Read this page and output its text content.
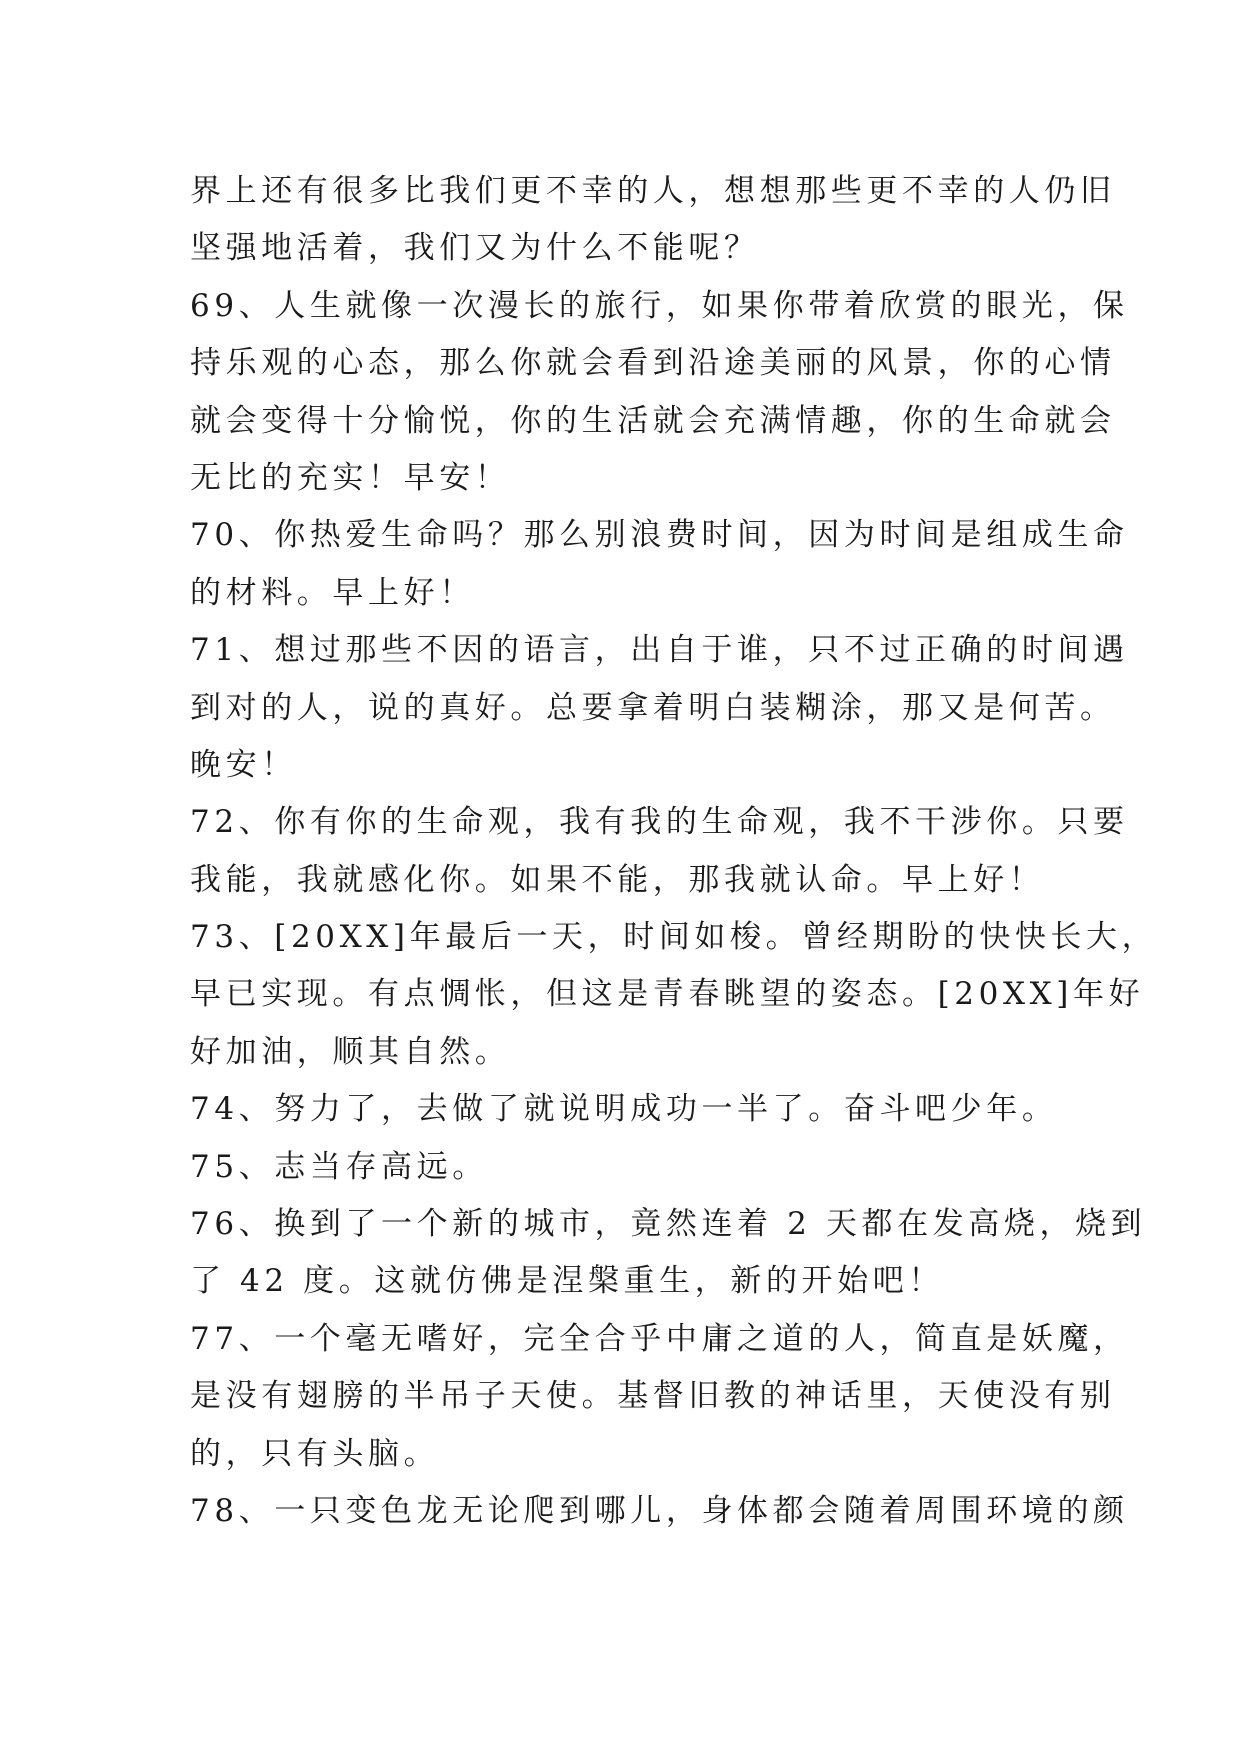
界上还有很多比我们更不幸的人，想想那些更不幸的人仍旧
坚强地活着，我们又为什么不能呢？
69、人生就像一次漫长的旅行，如果你带着欣赏的眼光，保
持乐观的心态，那么你就会看到沿途美丽的风景，你的心情
就会变得十分愉悦，你的生活就会充满情趣，你的生命就会
无比的充实！早安！
70、你热爱生命吗？那么别浪费时间，因为时间是组成生命
的材料。早上好！
71、想过那些不因的语言，出自于谁，只不过正确的时间遇
到对的人，说的真好。总要拿着明白装糊涂，那又是何苦。
晚安！
72、你有你的生命观，我有我的生命观，我不干涉你。只要
我能，我就感化你。如果不能，那我就认命。早上好！
73、[20XX]年最后一天，时间如梭。曾经期盼的快快长大，
早已实现。有点惆怅，但这是青春眺望的姿态。[20XX]年好
好加油，顺其自然。
74、努力了，去做了就说明成功一半了。奋斗吧少年。
75、志当存高远。
76、换到了一个新的城市，竟然连着 2 天都在发高烧，烧到
了 42 度。这就仿佛是涅槃重生，新的开始吧！
77、一个毫无嗜好，完全合乎中庸之道的人，简直是妖魔，
是没有翅膀的半吊子天使。基督旧教的神话里，天使没有别
的，只有头脑。
78、一只变色龙无论爬到哪儿，身体都会随着周围环境的颜
